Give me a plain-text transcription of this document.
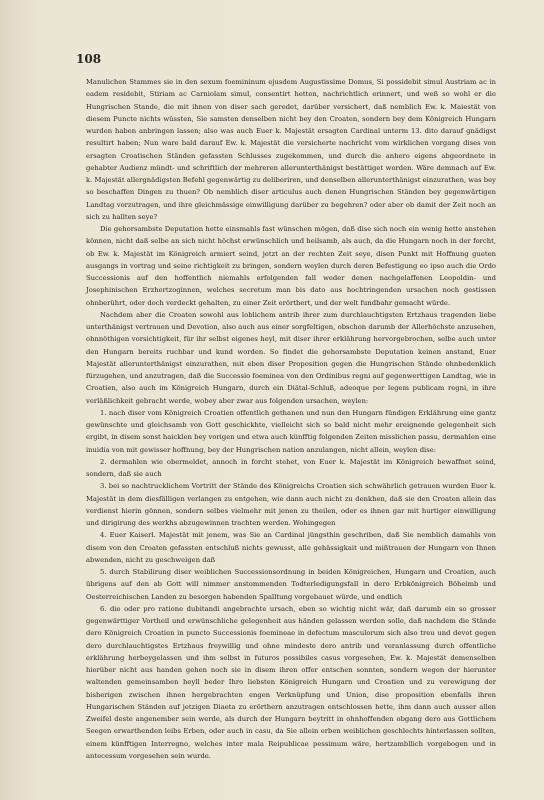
108

Manulichen Stammes sie in den sexum foemininum ejusdem Augustissime Domus, Si possidebit simul Austriam ac in eadem residebit, Stiriam ac Carniolam simul, consentirt hetten, nachrichtlich erinnert, und weß so wohl er die Hungrischen Stande, die mit ihnen von diser sach geredet, darüber versichert, daß nemblich Ew. k. Maiestät von diesem Puncte nichts wüssten, Sie samsten denselben nicht bey den Croaten, sondern bey dem Königreich Hungarn wurden haben anbringen lassen; also was auch Euer k. Majestät ersagten Cardinal unterm 13. dito darauf gnädigst resultirt haben; Nun ware bald darauf Ew. k. Majestät die versicherte nachricht vom wirklichen vorgang dises von ersagten Croatischen Ständen gefassten Schlusses zugekommen, und durch die anhero eigens abgeordnete in gehabter Audienz mündt- und schriftlich der mehreren allerunterthänigst bestättiget worden. Wäre demnach auf Ew. k. Majestät allergnädigsten Befehl gegenwärtig zu deliberiren, und denselben allerunterthänigst einzurathen, was bey so beschaffen Dingen zu thuen? Ob nemblich diser articulus auch denen Hungrischen Ständen bey gegenwärtigen Landtag vorzutragen, und ihre gleichmässige einwilligung darüber zu begehren? oder aber ob damit der Zeit noch an sich zu hallten seye?

Die gehorsambste Deputation hette einsmahls fast wünschen mögen, daß dise sich noch ein wenig hette anstehen können, nicht daß selbe an sich nicht höchst erwünschlich und heilsamb, als auch, da die Hungarn noch in der forcht, ob Ew. k. Majestät im Königreich armiert seind, jetzt an der rechten Zeit seye, disen Punkt mit Hoffnung gueten ausgangs in vortrag und seine richtigkeit zu bringen, sondern weylen durch deren Befestigung eo ipso auch die Ordo Successionis auf den hoffentlich niemahls erfolgenden fall weder denen nachgelaffenen Leopoldin- und Josephinischen Erzhertzoginnen, welches secretum man bis dato aus hochtringenden ursachen noch gestissen ohnberührt, oder doch verdeckt gehalten, zu einer Zeit erörthert, und der welt fundbahr gemacht würde.

Nachdem aber die Croaten sowohl aus loblichem antrib ihrer zum durchlauchtigsten Ertzhaus tragenden liebe unterthänigst vertrauen und Devotion, also auch aus einer sorgfeltigen, obschon darumb der Allerhöchste anzusehen, ohnnöthigen vorsichtigkeit, für ihr selbst eigenes heyl, mit diser ihrer erklährung hervorgebrochen, selbe auch unter den Hungarn bereits ruchbar und kund worden. So findet die gehorsambste Deputation keinen anstand, Euer Majestät allerunterthänigst einzurathen, mit eben diser Proposition gegen die Hungrischen Stände ohnbedenklich fürzugehen, und anzutragen, daß die Successio foeminea von den Ordinibus regni auf gegenwerttigen Landtag, wie in Croatien, also auch im Königreich Hungarn, durch ein Diätal-Schluß, adeoque per legem publicam regni, in ihre verläßlichkeit gebracht werde, wobey aber zwar aus folgenden ursachen, weylen:

1. nach diser vom Königreich Croatien offentlich gethanen und nun den Hungarn fündigen Erklährung eine gantz gewünschte und gleichsamb von Gott geschickhte, vielleicht sich so bald nicht mehr ereignende gelegenheit sich ergibt, in disem sonst haicklen bey vorigen und etwa auch künfftig folgenden Zeiten misslichen passu, dermahlen eine inuidia von mit gewisser hoffnung, bey der Hungrischen nation anzulangen, nicht allein, weylen dise:

2. dermahlen wie obermeldet, annoch in forcht stehet, von Euer k. Majestät im Königreich bewaffnet seind, sondern, daß sie auch

3. bei so nachtrucklichem Vortritt der Stände des Königreichs Croatien sich schwährlich getrauen wurden Euer k. Majestät in dem diesfälligen verlangen zu entgehen, wie dann auch nicht zu denkhen, daß sie den Croaten allein das verdienst hierin gönnen, sondern selbes vielmehr mit jenen zu theilen, oder es ihnen gar mit hurtiger einwilligung und dirigirung des werkhs abzugewinnen trachten werden. Wohingegen

4. Euer Kaiserl. Majestät mit jenem, was Sie an Cardinal jüngsthin geschriben, daß Sie nemblich damahls von disem von den Croaten gefassten entschluß nichts gewusst, alle gehässigkait und mißtrauen der Hungarn von Ihnen abwenden, nicht zu geschweigen daß

5. durch Stabilirung diser weiblichen Successionsordnung in beiden Königreichen, Hungarn und Croatien, auch übrigens auf den ab Gott will nimmer anstommenden Todterledigungsfall in dero Erbkönigreich Böheimb und Oesterreichischen Landen zu besorgen habenden Spalltung vorgebauet würde, und endlich

6. die oder pro ratione dubitandi angebrachte ursach, eben so wichtig nicht wär, daß darumb ein so grosser gegenwärttiger Vortheil und erwünschliche gelegenheit aus händen gelassen werden solle, daß nachdem die Stände dero Königreich Croatien in puncto Successionis foemineae in defectum masculorum sich also treu und devot gegen dero durchlauchtigstes Ertzhaus freywillig und ohne mindeste dero antrib und veranlassung durch offentliche erklährung herbeygelassen und ihm selbst in futuros possibiles casus vorgesehen, Ew. k. Majestät demenselben hierüber nicht aus handen gehen noch sie in disem ihren offer entschen sonnten, sondern wegen der hierunter waltenden gemeinsamben heyll beder Ihro liebsten Königreich Hungarn und Croatien und zu verewigung der bisherigen zwischen ihnen hergebrachten engen Verknüpfung und Union, dise proposition ebenfalls ihren Hungarischen Ständen auf jetzigen Diaeta zu erörthern anzutragen entschlossen hette, ihm dann auch ausser allen Zweifel deste angenember sein werde, als durch der Hungarn beytritt in ohnhoffenden obgang dero aus Gottlichem Seegen erwarthenden leibs Erben, oder auch in casu, da Sie allein erben weiblichen geschlechts hinterlassen sollten, einem künfftigen Interregno, welches inter mala Reipublicae pessimum wäre, hertzambllich vorgebogen und in antecessum vorgesehen sein wurde.
